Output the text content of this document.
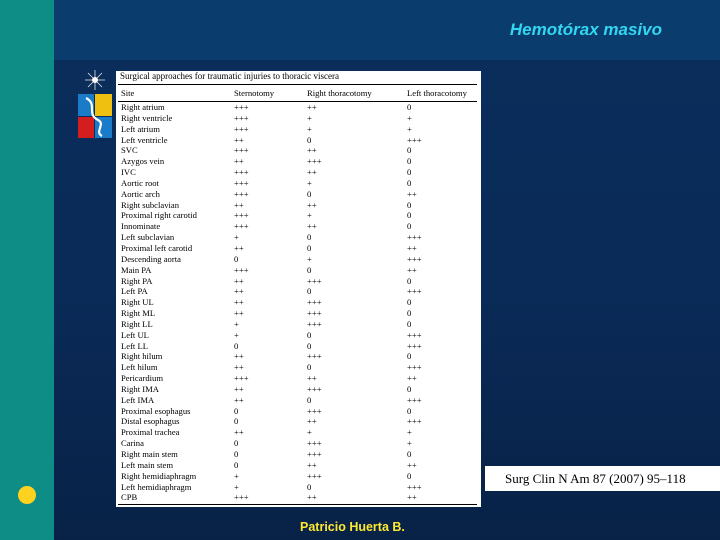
Hemotórax masivo
Surgical approaches for traumatic injuries to thoracic viscera
Site	Sternotomy	Right thoracotomy	Left thoracotomy
Right atrium	+++	++	0
Right ventricle	+++	+	+
Left atrium	+++	+	+
Left ventricle	++	0	+++
SVC	+++	++	0
Azygos vein	++	+++	0
IVC	+++	++	0
Aortic root	+++	+	0
Aortic arch	+++	0	++
Right subclavian	++	++	0
Proximal right carotid	+++	+	0
Innominate	+++	++	0
Left subclavian	+	0	+++
Proximal left carotid	++	0	++
Descending aorta	0	+	+++
Main PA	+++	0	++
Right PA	++	+++	0
Left PA	++	0	+++
Right UL	++	+++	0
Right ML	++	+++	0
Right LL	+	+++	0
Left UL	+	0	+++
Left LL	0	0	+++
Right hilum	++	+++	0
Left hilum	++	0	+++
Pericardium	+++	++	++
Right IMA	++	+++	0
Left IMA	++	0	+++
Proximal esophagus	0	+++	0
Distal esophagus	0	++	+++
Proximal trachea	++	+	+
Carina	0	+++	+
Right main stem	0	+++	0
Left main stem	0	++	++
Right hemidiaphragm	+	+++	0
Left hemidiaphragm	+	0	+++
CPB	+++	++	++
Surg Clin N Am 87 (2007) 95–118
Patricio Huerta B.
